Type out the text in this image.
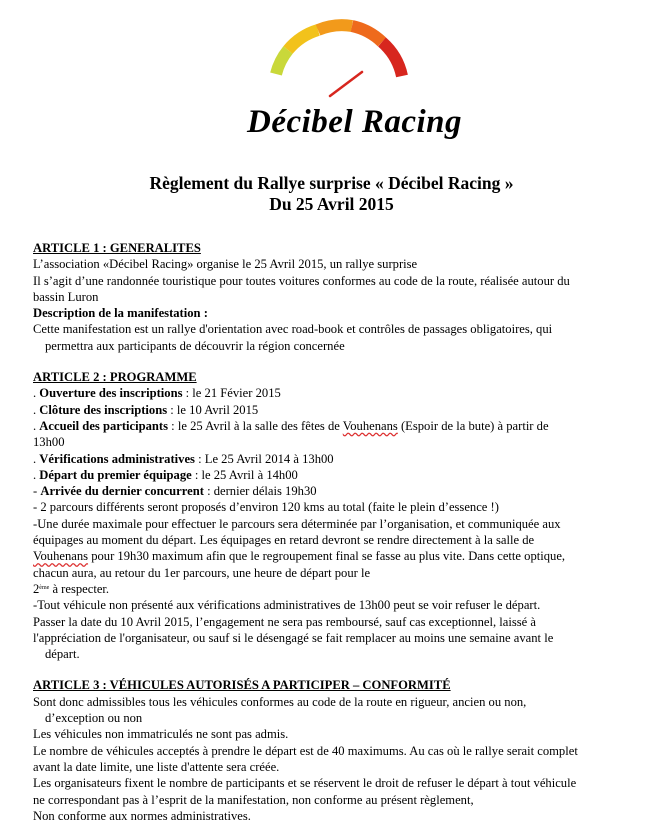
Décibel Racing
Règlement du Rallye surprise « Décibel Racing »
Du 25 Avril 2015
ARTICLE 1 : GENERALITES
L’association «Décibel Racing» organise le 25 Avril 2015, un rallye surprise
Il s’agit d’une randonnée touristique pour toutes voitures conformes au code de la route, réalisée autour du
bassin Luron
Description de la manifestation :
Cette manifestation est un rallye d'orientation avec road-book et contrôles de passages obligatoires, qui
permettra aux participants de découvrir la région concernée
ARTICLE 2 : PROGRAMME
. Ouverture des inscriptions : le 21 Févier 2015
. Clôture des inscriptions : le 10 Avril 2015
. Accueil des participants : le 25 Avril à la salle des fêtes de Vouhenans (Espoir de la bute) à partir de
13h00
. Vérifications administratives : Le 25 Avril 2014 à 13h00
. Départ du premier équipage : le 25 Avril à 14h00
- Arrivée du dernier concurrent : dernier délais 19h30
- 2 parcours différents seront proposés d’environ 120 kms au total (faite le plein d’essence !)
-Une durée maximale pour effectuer le parcours sera déterminée par l’organisation, et communiquée aux
équipages au moment du départ. Les équipages en retard devront se rendre directement à la salle de
Vouhenans pour 19h30 maximum afin que le regroupement final se fasse au plus vite. Dans cette optique,
chacun aura, au retour du 1er parcours, une heure de départ pour le
2ème à respecter.
-Tout véhicule non présenté aux vérifications administratives de 13h00 peut se voir refuser le départ.
Passer la date du 10 Avril 2015, l’engagement ne sera pas remboursé, sauf cas exceptionnel, laissé à
l'appréciation de l'organisateur, ou sauf si le désengagé se fait remplacer au moins une semaine avant le
départ.
ARTICLE 3 : VÉHICULES AUTORISÉS A PARTICIPER – CONFORMITÉ
Sont donc admissibles tous les véhicules conformes au code de la route en rigueur, ancien ou non,
d’exception ou non
Les véhicules non immatriculés ne sont pas admis.
Le nombre de véhicules acceptés à prendre le départ est de 40 maximums. Au cas où le rallye serait complet
avant la date limite, une liste d'attente sera créée.
Les organisateurs fixent le nombre de participants et se réservent le droit de refuser le départ à tout véhicule
ne correspondant pas à l’esprit de la manifestation, non conforme au présent règlement,
Non conforme aux normes administratives.
